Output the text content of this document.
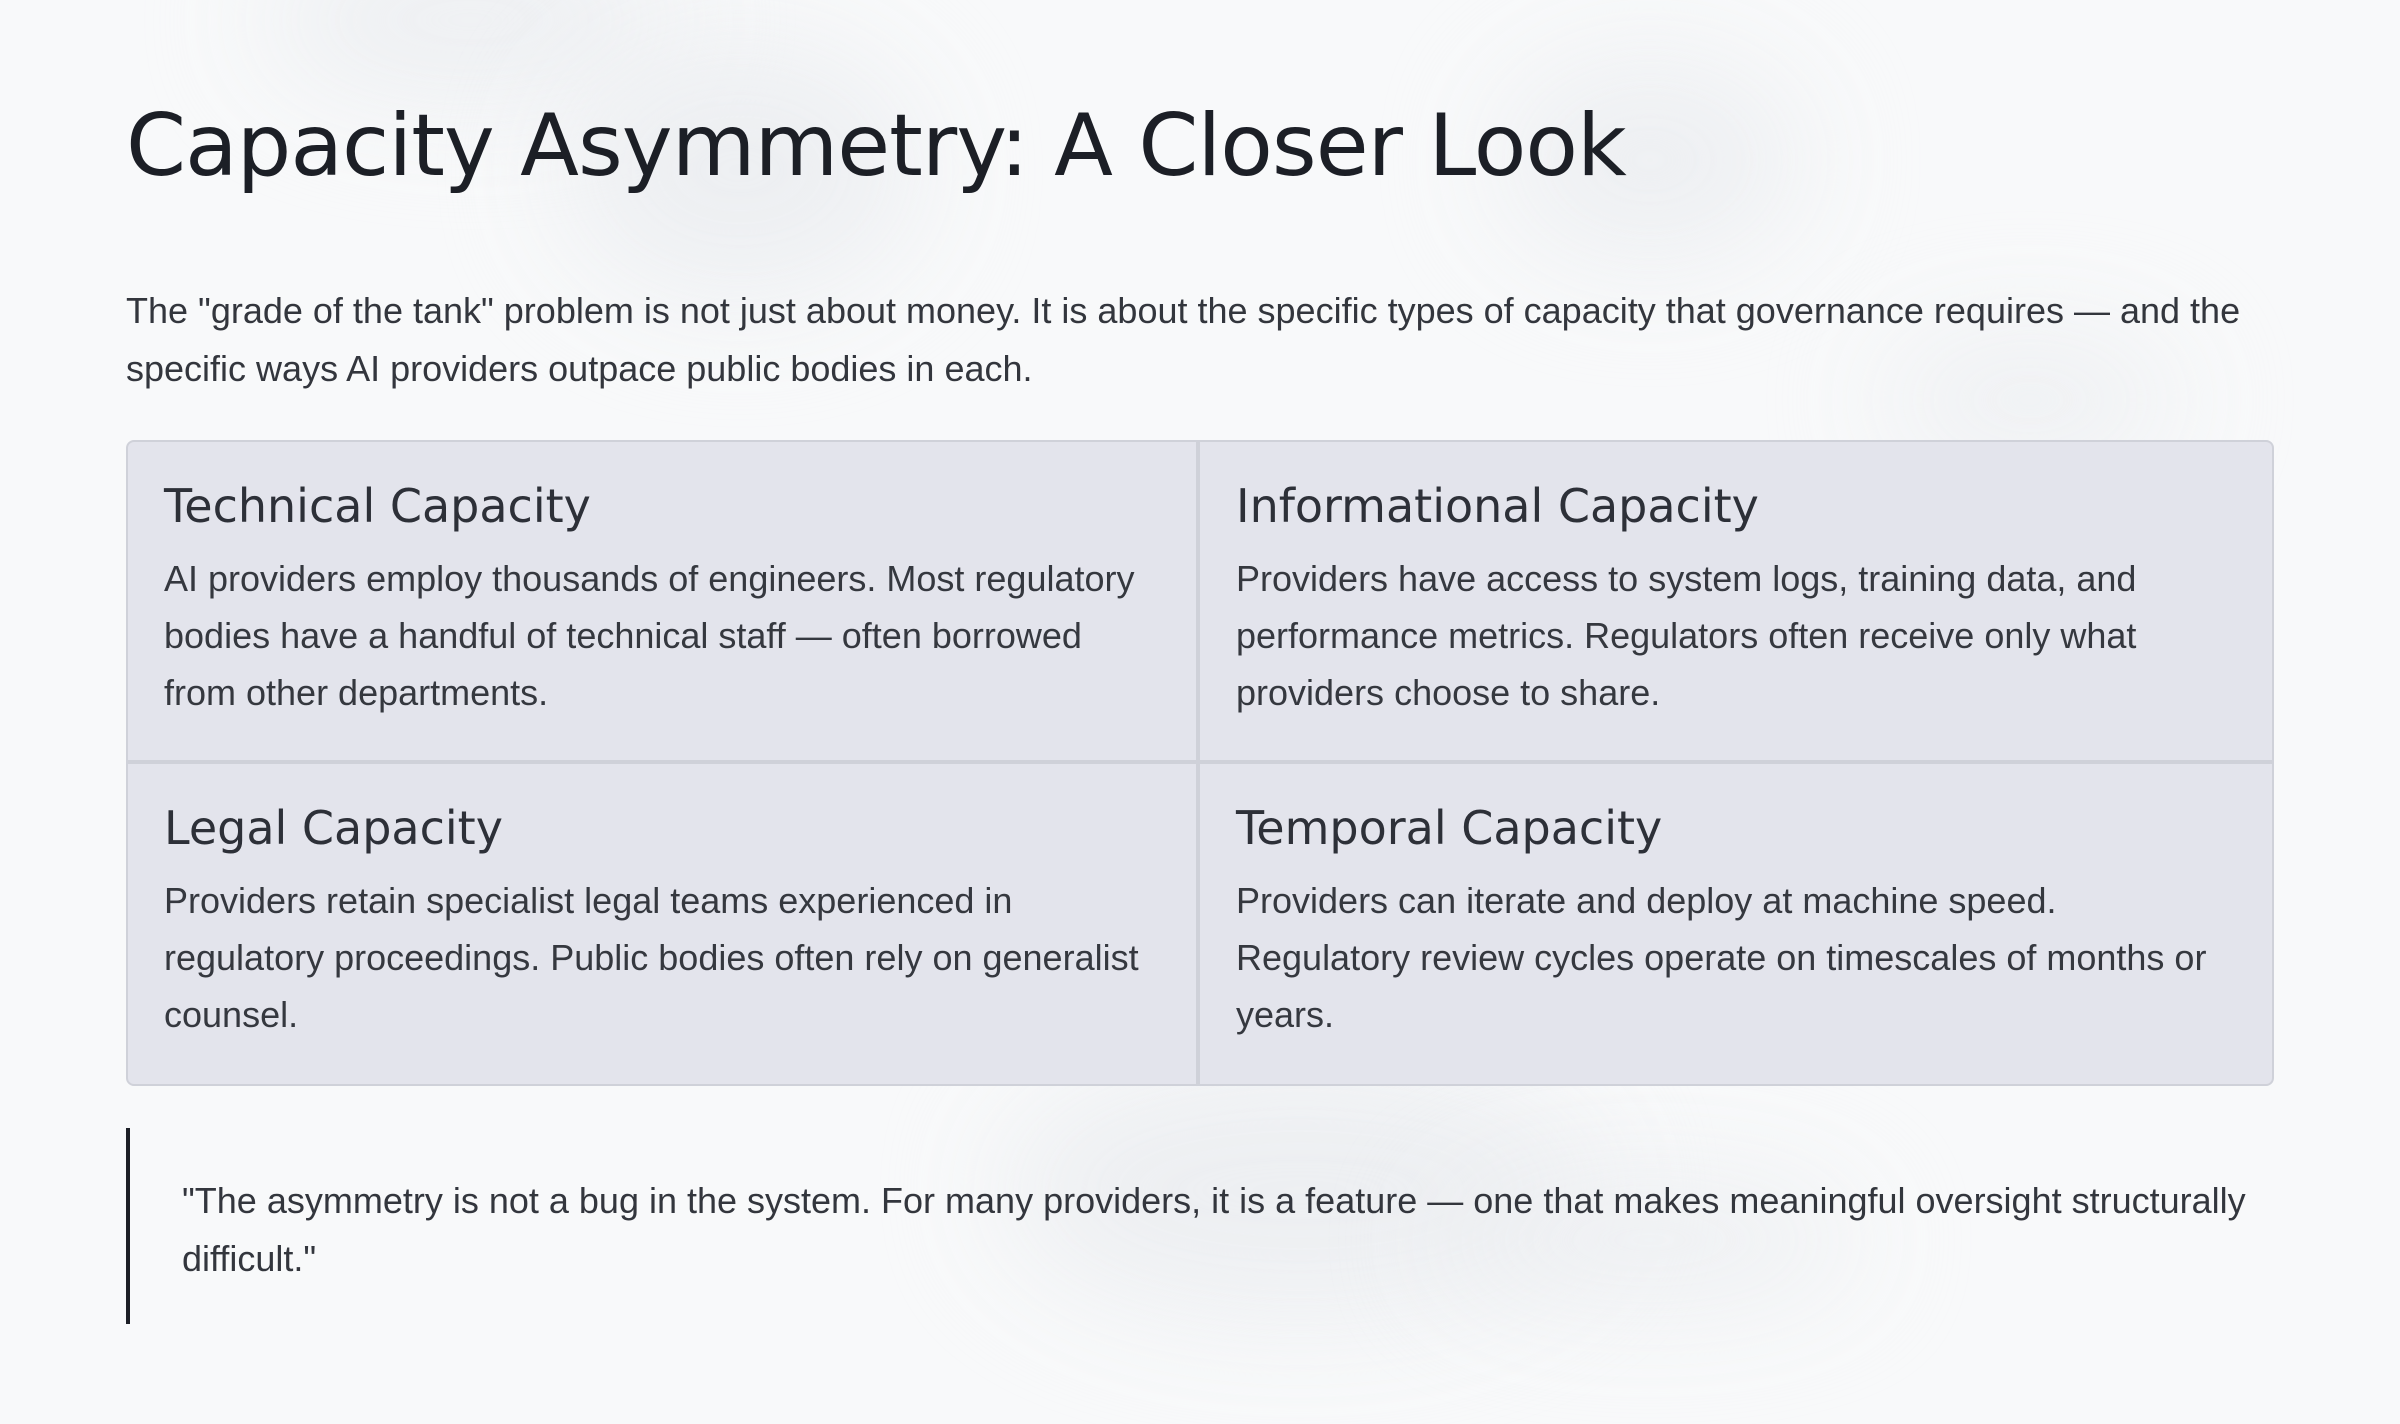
Capacity Asymmetry: A Closer Look

The "grade of the tank" problem is not just about money. It is about the specific types of capacity that governance requires — and the specific ways AI providers outpace public bodies in each.

Technical Capacity

AI providers employ thousands of engineers. Most regulatory bodies have a handful of technical staff — often borrowed from other departments.

Informational Capacity

Providers have access to system logs, training data, and performance metrics. Regulators often receive only what providers choose to share.

Legal Capacity

Providers retain specialist legal teams experienced in regulatory proceedings. Public bodies often rely on generalist counsel.

Temporal Capacity

Providers can iterate and deploy at machine speed. Regulatory review cycles operate on timescales of months or years.

"The asymmetry is not a bug in the system. For many providers, it is a feature — one that makes meaningful oversight structurally difficult."
